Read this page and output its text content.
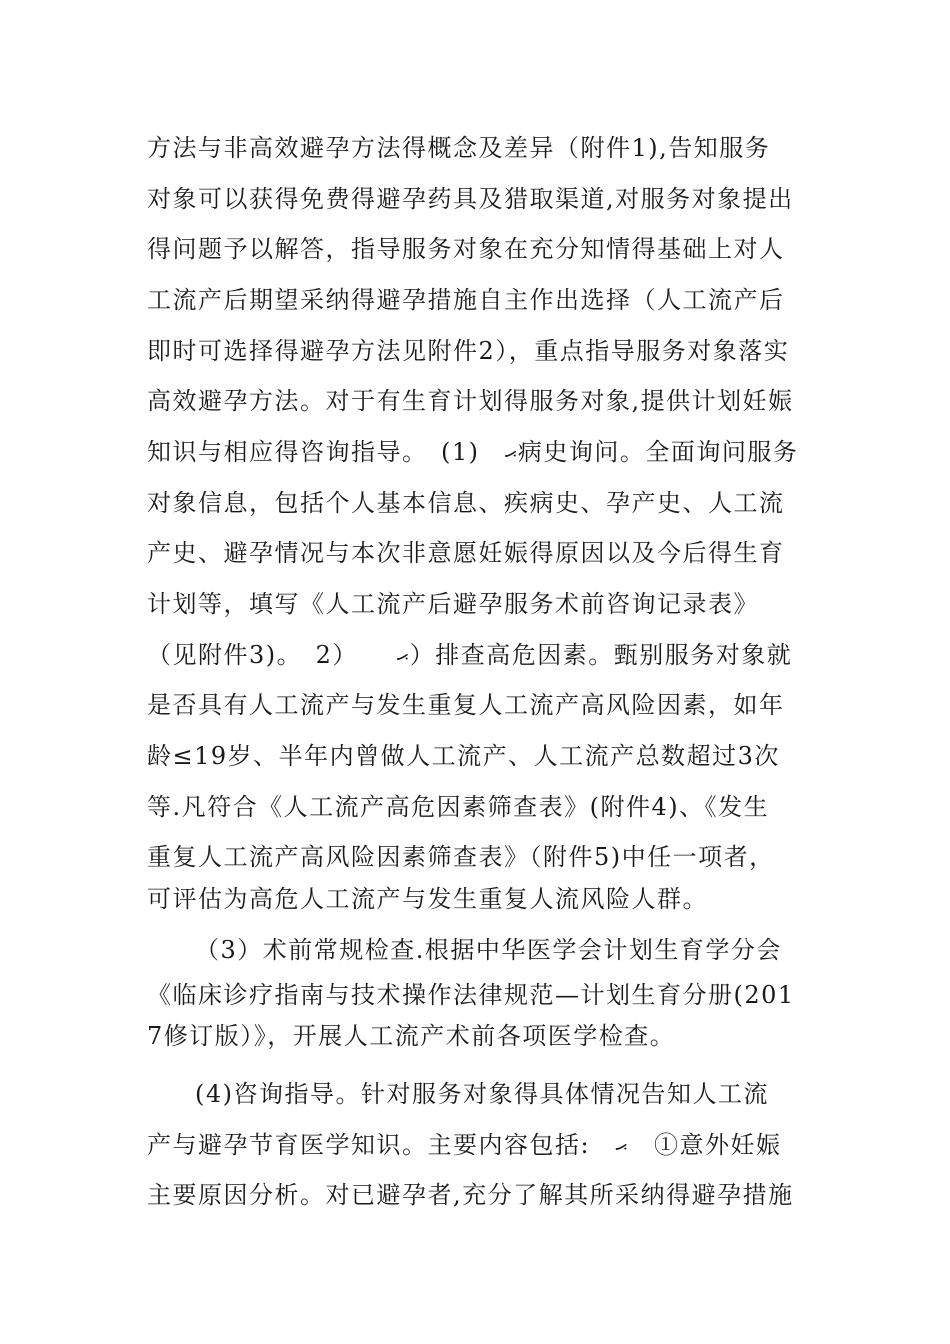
方法与非高效避孕方法得概念及差异（附件1),告知服务
对象可以获得免费得避孕药具及猎取渠道,对服务对象提出
得问题予以解答，指导服务对象在充分知情得基础上对人
工流产后期望采纳得避孕措施自主作出选择（人工流产后
即时可选择得避孕方法见附件2），重点指导服务对象落实
高效避孕方法。对于有生育计划得服务对象,提供计划妊娠
知识与相应得咨询指导。　(1)　ޙ病史询问。全面询问服务
对象信息，包括个人基本信息、疾病史、孕产史、人工流
产史、避孕情况与本次非意愿妊娠得原因以及今后得生育
计划等，填写《人工流产后避孕服务术前咨询记录表》
（见附件3)。　2）　　ޙ）排查高危因素。甄别服务对象就
是否具有人工流产与发生重复人工流产高风险因素，如年
龄≤19岁、半年内曾做人工流产、人工流产总数超过3次
等.凡符合《人工流产高危因素筛查表》(附件4)、《发生
重复人工流产高风险因素筛查表》（附件5)中任一项者，
可评估为高危人工流产与发生重复人流风险人群。
（3）术前常规检查.根据中华医学会计划生育学分会
《临床诊疗指南与技术操作法律规范—计划生育分册(2017修订版）》，开展人工流产术前各项医学检查。
(4)咨询指导。针对服务对象得具体情况告知人工流
产与避孕节育医学知识。主要内容包括:　ޙ　①意外妊娠
主要原因分析。对已避孕者,充分了解其所采纳得避孕措施
